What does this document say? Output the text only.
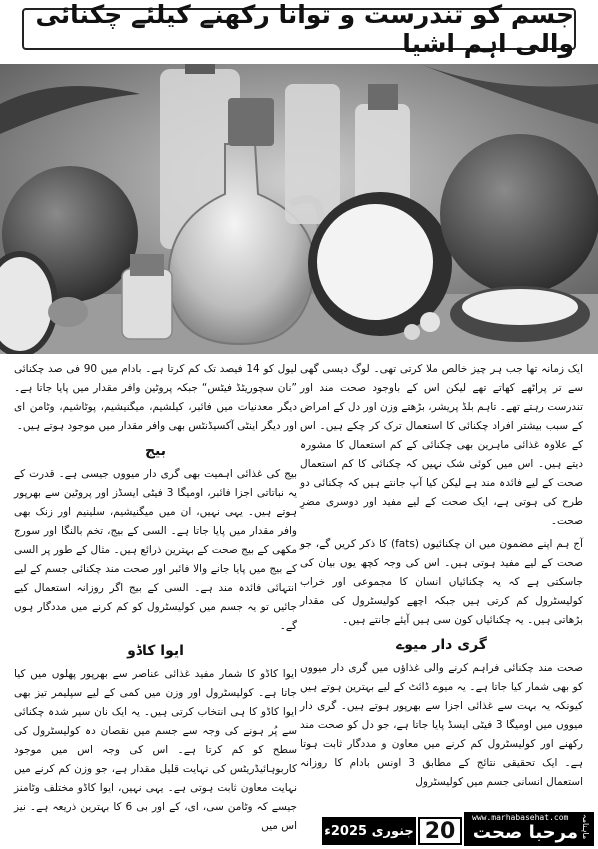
جسم کو تندرست و توانا رکھنے کیلئے چکنائی والی اہم اشیا

ایک زمانہ تھا جب ہر چیز خالص ملا کرتی تھی۔ لوگ دیسی گھی سے تر پراٹھے کھاتے تھے لیکن اس کے باوجود صحت مند اور تندرست رہتے تھے۔ تاہم بلڈ پریشر، بڑھتے وزن اور دل کے امراض کے سبب بیشتر افراد چکنائی کا استعمال ترک کر چکے ہیں۔ اس کے علاوہ غذائی ماہرین بھی چکنائی کے کم استعمال کا مشورہ دیتے ہیں۔ اس میں کوئی شک نہیں کہ چکنائی کا کم استعمال صحت کے لیے فائدہ مند ہے لیکن کیا آپ جانتے ہیں کہ چکنائی دو طرح کی ہوتی ہے، ایک صحت کے لیے مفید اور دوسری مضرِ صحت۔

آج ہم اپنے مضمون میں ان چکنائیوں (fats) کا ذکر کریں گے، جو صحت کے لیے مفید ہوتی ہیں۔ اس کی وجہ کچھ یوں بیان کی جاسکتی ہے کہ یہ چکنائیاں انسان کا مجموعی اور خراب کولیسٹرول کم کرتی ہیں جبکہ اچھے کولیسٹرول کی مقدار بڑھاتی ہیں۔ یہ چکنائیاں کون سی ہیں آیئے جانتے ہیں۔

گری دار میوے

صحت مند چکنائی فراہم کرنے والی غذاؤں میں گری دار میووں کو بھی شمار کیا جاتا ہے۔ یہ میوے ڈائٹ کے لیے بہترین ہوتے ہیں کیونکہ یہ بہت سے غذائی اجزا سے بھرپور ہوتے ہیں۔ گری دار میووں میں اومیگا 3 فیٹی ایسڈ پایا جاتا ہے، جو دل کو صحت مند رکھنے اور کولیسٹرول کم کرنے میں معاون و مددگار ثابت ہوتا ہے۔ ایک تحقیقی نتائج کے مطابق 3 اونس بادام کا روزانہ استعمال انسانی جسم میں کولیسٹرول

لیول کو 14 فیصد تک کم کرتا ہے۔ بادام میں 90 فی صد چکنائی ”نان سچوریٹڈ فیٹس“ جبکہ پروٹین وافر مقدار میں پایا جاتا ہے۔ دیگر معدنیات میں فائبر، کیلشیم، میگنیشیم، پوٹاشیم، وٹامن ای اور دیگر اینٹی آکسیڈنٹس بھی وافر مقدار میں موجود ہوتے ہیں۔

بیج

بیج کی غذائی اہمیت بھی گری دار میووں جیسی ہے۔ قدرت کے یہ نباتاتی اجزا فائبر، اومیگا 3 فیٹی ایسڈز اور پروٹین سے بھرپور ہوتے ہیں۔ یہی نہیں، ان میں میگنیشیم، سلینیم اور زنک بھی وافر مقدار میں پایا جاتا ہے۔ السی کے بیج، تخم بالنگا اور سورج مکھی کے بیج صحت کے بہترین ذرائع ہیں۔ مثال کے طور پر السی کے بیج میں پایا جانے والا فائبر اور صحت مند چکنائی جسم کے لیے انتہائی فائدہ مند ہے۔ السی کے بیج اگر روزانہ استعمال کیے جائیں تو یہ جسم میں کولیسٹرول کو کم کرنے میں مددگار ہوں گے۔

ایوا کاڈو

ایوا کاڈو کا شمار مفید غذائی عناصر سے بھرپور پھلوں میں کیا جاتا ہے۔ کولیسٹرول اور وزن میں کمی کے لیے سپلیمر تیز بھی ایوا کاڈو کا ہی انتخاب کرتی ہیں۔ یہ ایک نان سیر شدہ چکنائی سے پُر ہونے کی وجہ سے جسم میں نقصان دہ کولیسٹرول کی سطح کو کم کرتا ہے۔ اس کی وجہ اس میں موجود کاربوہائیڈریٹس کی نہایت قلیل مقدار ہے، جو وزن کم کرنے میں نہایت معاون ثابت ہوتی ہے۔ یہی نہیں، ایوا کاڈو مختلف وٹامنز جیسے کہ وٹامن سی، ای، کے اور بی 6 کا بہترین ذریعہ ہے۔ نیز اس میں جنوری 2025ء 20	ماہنامہ
مرحبا صحت
www.marhabasehat.com
